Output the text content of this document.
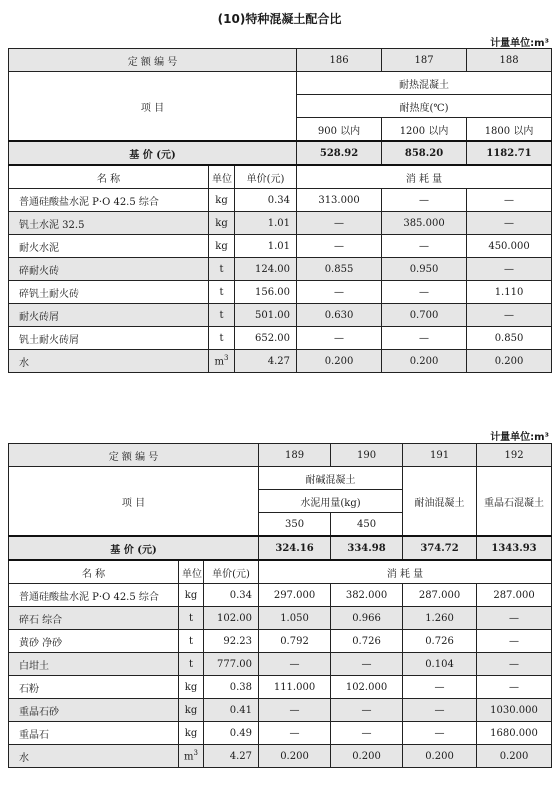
(10)特种混凝土配合比
计量单位:m³
定 额 编 号			186	187	188
项 目			耐热混凝土		
			耐热度(℃)		
			900 以内	1200 以内	1800 以内
基 价 (元)			528.92	858.20	1182.71
名 称	单位	单价(元)	消 耗 量		
普通硅酸盐水泥 P·O 42.5 综合	kg	0.34	313.000	—	—
钒土水泥 32.5	kg	1.01	—	385.000	—
耐火水泥	kg	1.01	—	—	450.000
碎耐火砖	t	124.00	0.855	0.950	—
碎钒土耐火砖	t	156.00	—	—	1.110
耐火砖屑	t	501.00	0.630	0.700	—
钒土耐火砖屑	t	652.00	—	—	0.850
水	$m^3$	4.27	0.200	0.200	0.200
计量单位:m³
定 额 编 号			189	190	191	192
项 目			耐碱混凝土		耐油混凝土	重晶石混凝土
			水泥用量(kg)			
			350	450		
基 价 (元)			324.16	334.98	374.72	1343.93
名 称	单位	单价(元)	消 耗 量			
普通硅酸盐水泥 P·O 42.5 综合	kg	0.34	297.000	382.000	287.000	287.000
碎石 综合	t	102.00	1.050	0.966	1.260	—
黄砂 净砂	t	92.23	0.792	0.726	0.726	—
白坩土	t	777.00	—	—	0.104	—
石粉	kg	0.38	111.000	102.000	—	—
重晶石砂	kg	0.41	—	—	—	1030.000
重晶石	kg	0.49	—	—	—	1680.000
水	$m^3$	4.27	0.200	0.200	0.200	0.200
